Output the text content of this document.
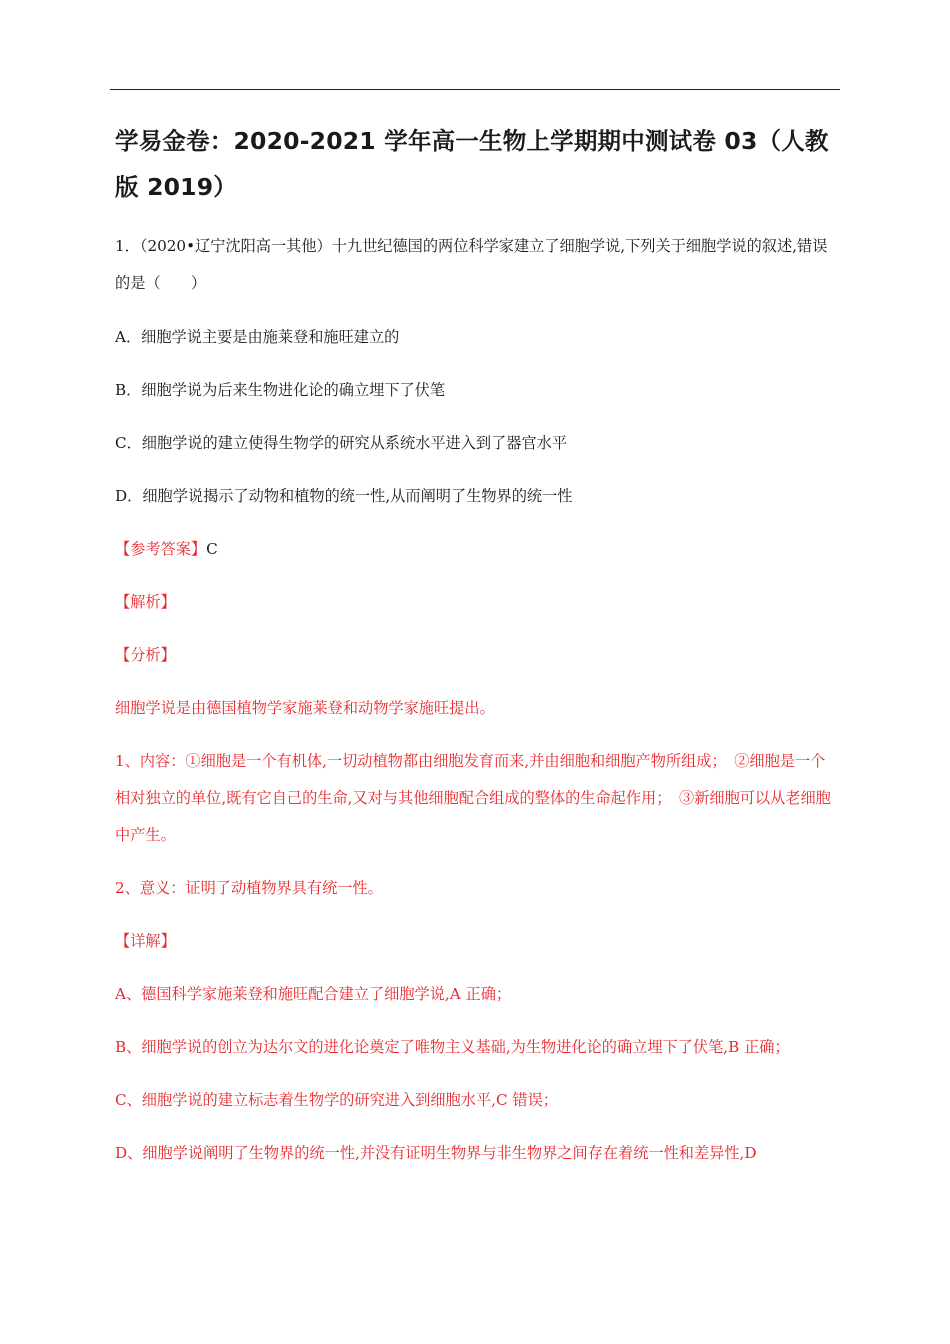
学易金卷：2020-2021 学年高一生物上学期期中测试卷 03（人教版 2019）

1．（2020•辽宁沈阳高一其他）十九世纪德国的两位科学家建立了细胞学说,下列关于细胞学说的叙述,错误的是（　　）

A．细胞学说主要是由施莱登和施旺建立的

B．细胞学说为后来生物进化论的确立埋下了伏笔

C．细胞学说的建立使得生物学的研究从系统水平进入到了器官水平

D．细胞学说揭示了动物和植物的统一性,从而阐明了生物界的统一性

【参考答案】C

【解析】

【分析】

细胞学说是由德国植物学家施莱登和动物学家施旺提出。

1、内容：①细胞是一个有机体,一切动植物都由细胞发育而来,并由细胞和细胞产物所组成；　②细胞是一个相对独立的单位,既有它自己的生命,又对与其他细胞配合组成的整体的生命起作用；　③新细胞可以从老细胞中产生。

2、意义：证明了动植物界具有统一性。

【详解】

A、德国科学家施莱登和施旺配合建立了细胞学说,A 正确；

B、细胞学说的创立为达尔文的进化论奠定了唯物主义基础,为生物进化论的确立埋下了伏笔,B 正确；

C、细胞学说的建立标志着生物学的研究进入到细胞水平,C 错误；

D、细胞学说阐明了生物界的统一性,并没有证明生物界与非生物界之间存在着统一性和差异性,D
